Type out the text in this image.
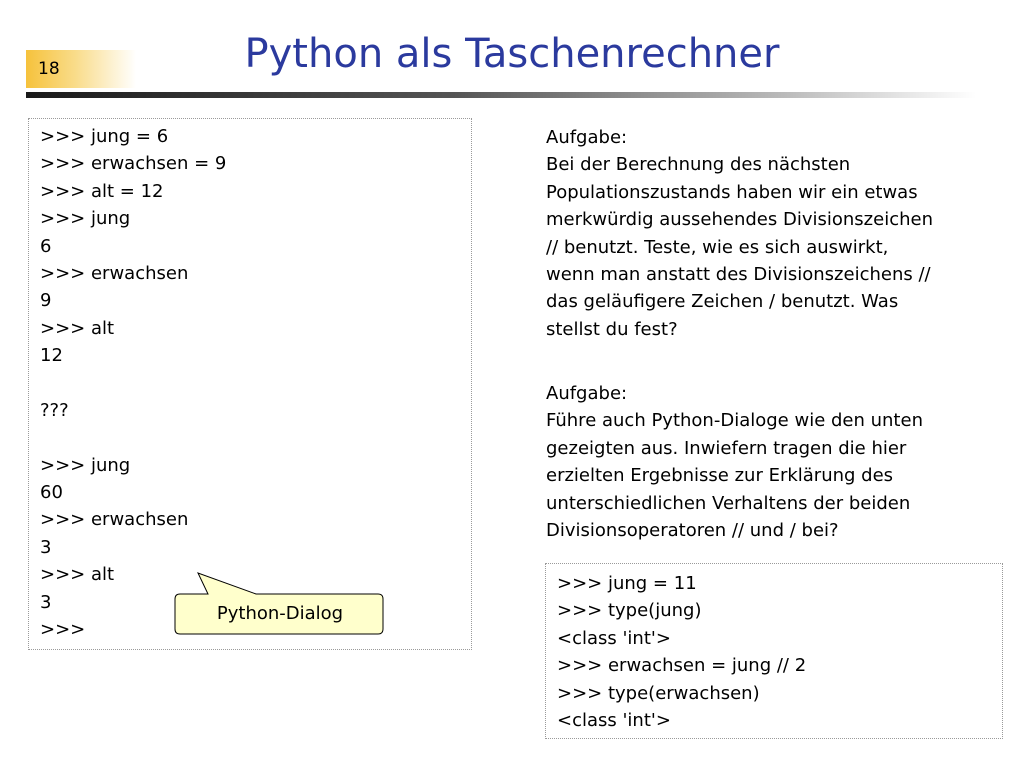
18	Python als Taschenrechner
>>> jung = 6
>>> erwachsen = 9
>>> alt = 12
>>> jung
6
>>> erwachsen
9
>>> alt
12
???
>>> jung
60
>>> erwachsen
3
>>> alt
3
>>>
Python-Dialog
Aufgabe:
Bei der Berechnung des nächsten
Populationszustands haben wir ein etwas
merkwürdig aussehendes Divisionszeichen
// benutzt. Teste, wie es sich auswirkt,
wenn man anstatt des Divisionszeichens //
das geläufigere Zeichen / benutzt. Was
stellst du fest?
Aufgabe:
Führe auch Python-Dialoge wie den unten
gezeigten aus. Inwiefern tragen die hier
erzielten Ergebnisse zur Erklärung des
unterschiedlichen Verhaltens der beiden
Divisionsoperatoren // und / bei?
>>> jung = 11
>>> type(jung)
<class 'int'>
>>> erwachsen = jung // 2
>>> type(erwachsen)
<class 'int'>
